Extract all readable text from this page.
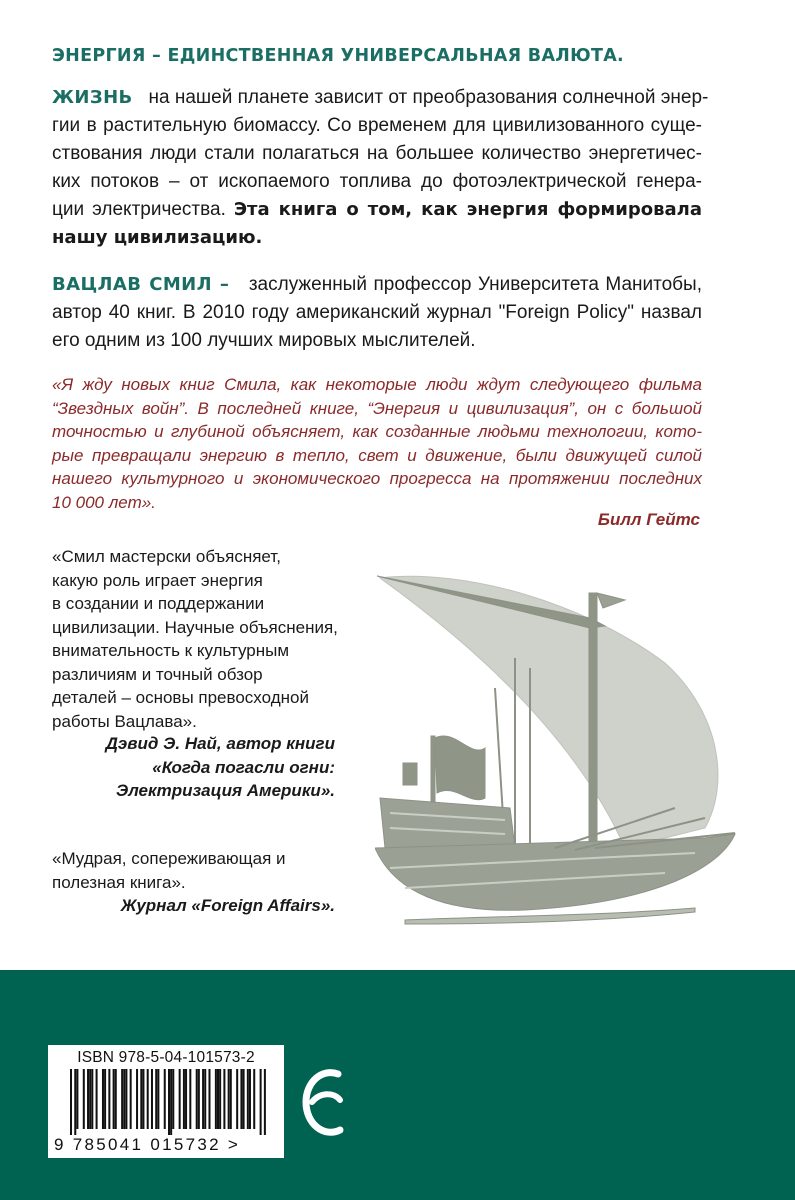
ЭНЕРГИЯ – ЕДИНСТВЕННАЯ УНИВЕРСАЛЬНАЯ ВАЛЮТА.
ЖИЗНЬ на нашей планете зависит от преобразования солнечной энер-
гии в растительную биомассу. Со временем для цивилизованного суще-
ствования люди стали полагаться на большее количество энергетичес-
ких потоков – от ископаемого топлива до фотоэлектрической генера-
ции электричества. Эта книга о том, как энергия формировала
нашу цивилизацию.
ВАЦЛАВ СМИЛ – заслуженный профессор Университета Манитобы,
автор 40 книг. В 2010 году американский журнал "Foreign Policy" назвал
его одним из 100 лучших мировых мыслителей.
«Я жду новых книг Смила, как некоторые люди ждут следующего фильма
“Звездных войн”. В последней книге, “Энергия и цивилизация”, он с большой
точностью и глубиной объясняет, как созданные людьми технологии, кото-
рые превращали энергию в тепло, свет и движение, были движущей силой
нашего культурного и экономического прогресса на протяжении последних
10 000 лет».
Билл Гейтс
«Смил мастерски объясняет,
какую роль играет энергия
в создании и поддержании
цивилизации. Научные объяснения,
внимательность к культурным
различиям и точный обзор
деталей – основы превосходной
работы Вацлава».
Дэвид Э. Най, автор книги
«Когда погасли огни:
Электризация Америки».
«Мудрая, сопереживающая и
полезная книга».
Журнал «Foreign Affairs».
ISBN 978-5-04-101573-2
9 785041 015732 >
